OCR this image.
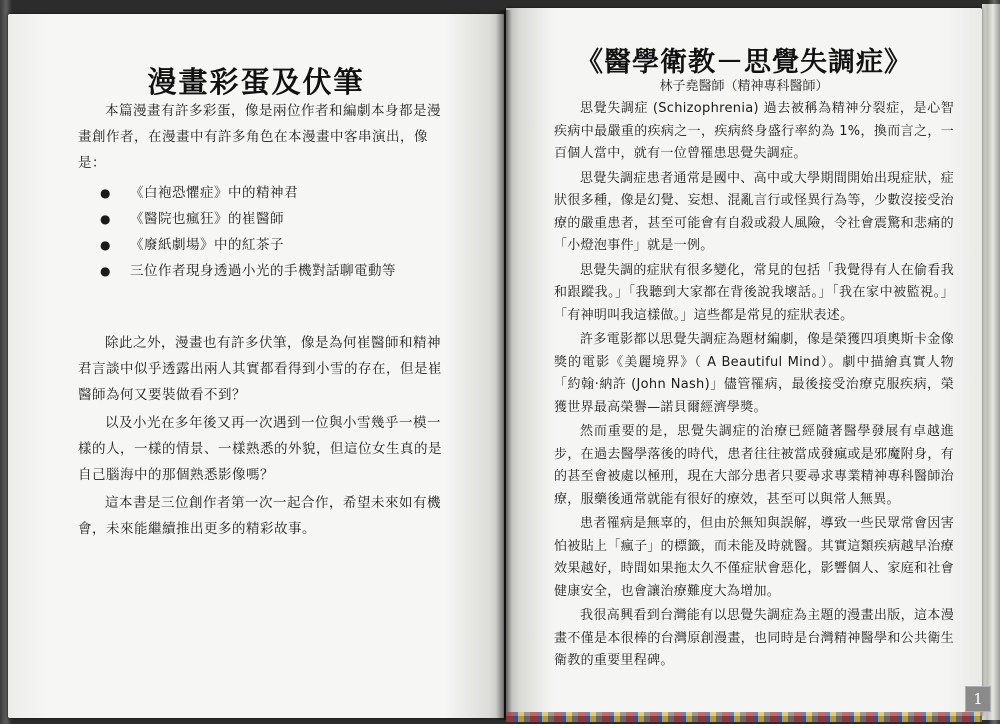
漫畫彩蛋及伏筆

本篇漫畫有許多彩蛋，像是兩位作者和編劇本身都是漫畫創作者，在漫畫中有許多角色在本漫畫中客串演出，像是：

● 《白袍恐懼症》中的精神君
● 《醫院也瘋狂》的崔醫師
● 《廢紙劇場》中的紅茶子
● 三位作者現身透過小光的手機對話聊電動等

除此之外，漫畫也有許多伏筆，像是為何崔醫師和精神君言談中似乎透露出兩人其實都看得到小雪的存在，但是崔醫師為何又要裝做看不到？

以及小光在多年後又再一次遇到一位與小雪幾乎一模一樣的人，一樣的情景、一樣熟悉的外貌，但這位女生真的是自己腦海中的那個熟悉影像嗎？

這本書是三位創作者第一次一起合作，希望未來如有機會，未來能繼續推出更多的精彩故事。

《醫學衛教－思覺失調症》
林子堯醫師（精神專科醫師）

思覺失調症 (Schizophrenia) 過去被稱為精神分裂症，是心智疾病中最嚴重的疾病之一，疾病終身盛行率約為 1%，換而言之，一百個人當中，就有一位曾罹患思覺失調症。

思覺失調症患者通常是國中、高中或大學期間開始出現症狀，症狀很多種，像是幻覺、妄想、混亂言行或怪異行為等，少數沒接受治療的嚴重患者，甚至可能會有自殺或殺人風險，令社會震驚和悲痛的「小燈泡事件」就是一例。

思覺失調的症狀有很多變化，常見的包括「我覺得有人在偷看我和跟蹤我。」「我聽到大家都在背後說我壞話。」「我在家中被監視。」「有神明叫我這樣做。」這些都是常見的症狀表述。

許多電影都以思覺失調症為題材編劇，像是榮獲四項奧斯卡金像獎的電影《美麗境界》（ A Beautiful Mind）。劇中描繪真實人物「約翰·納許 (John Nash)」儘管罹病，最後接受治療克服疾病，榮獲世界最高榮譽—諾貝爾經濟學獎。

然而重要的是，思覺失調症的治療已經隨著醫學發展有卓越進步，在過去醫學落後的時代，患者往往被當成發瘋或是邪魔附身，有的甚至會被處以極刑，現在大部分患者只要尋求專業精神專科醫師治療，服藥後通常就能有很好的療效，甚至可以與常人無異。

患者罹病是無辜的，但由於無知與誤解，導致一些民眾常會因害怕被貼上「瘋子」的標籤，而未能及時就醫。其實這類疾病越早治療效果越好，時間如果拖太久不僅症狀會惡化，影響個人、家庭和社會健康安全，也會讓治療難度大為增加。

我很高興看到台灣能有以思覺失調症為主題的漫畫出版，這本漫畫不僅是本很棒的台灣原創漫畫，也同時是台灣精神醫學和公共衛生衛教的重要里程碑。

1
